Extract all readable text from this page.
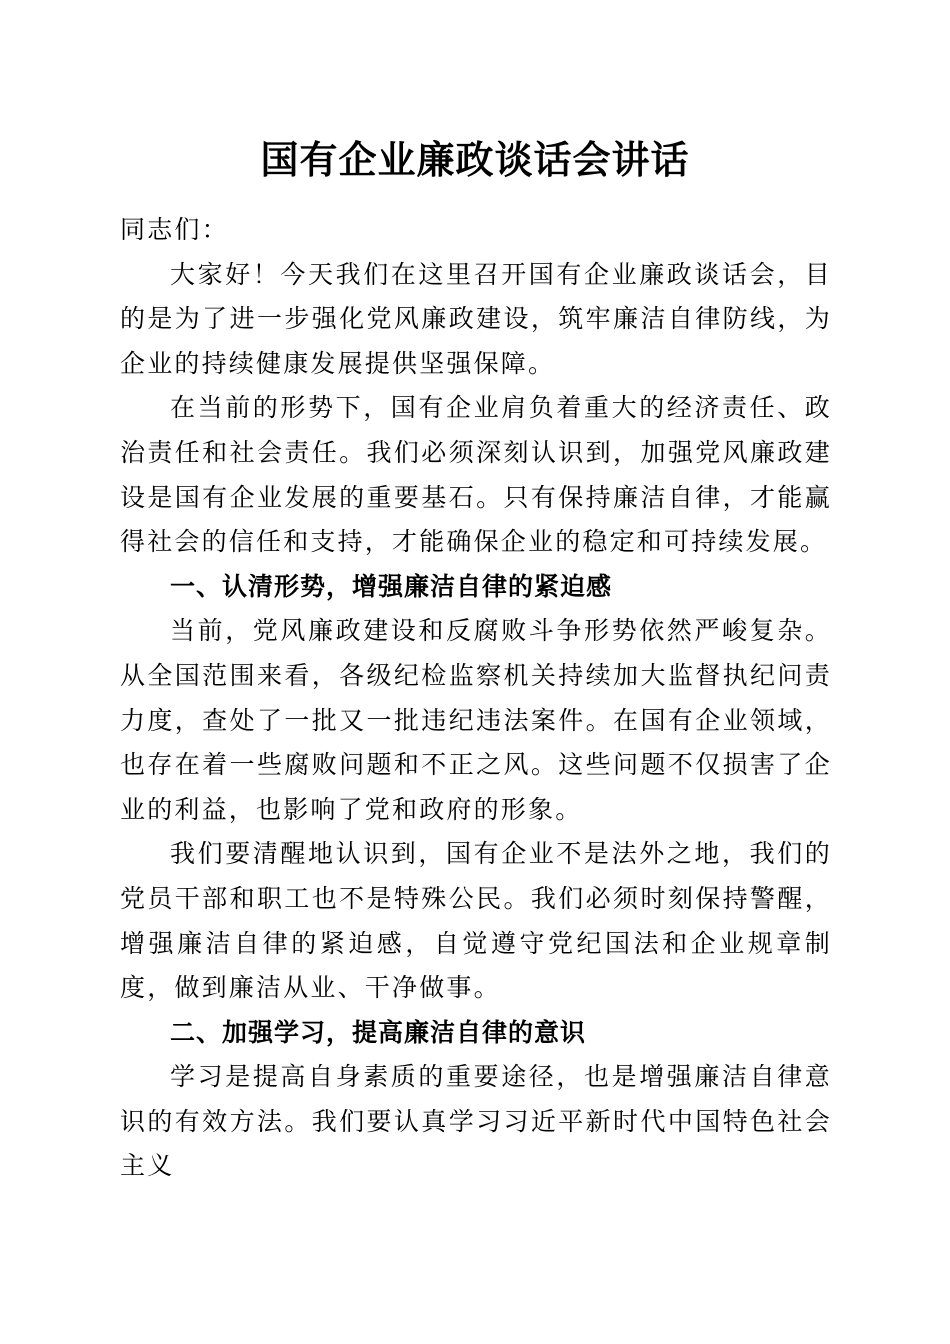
国有企业廉政谈话会讲话

同志们：

大家好！今天我们在这里召开国有企业廉政谈话会，目的是为了进一步强化党风廉政建设，筑牢廉洁自律防线，为企业的持续健康发展提供坚强保障。

在当前的形势下，国有企业肩负着重大的经济责任、政治责任和社会责任。我们必须深刻认识到，加强党风廉政建设是国有企业发展的重要基石。只有保持廉洁自律，才能赢得社会的信任和支持，才能确保企业的稳定和可持续发展。

一、认清形势，增强廉洁自律的紧迫感

当前，党风廉政建设和反腐败斗争形势依然严峻复杂。从全国范围来看，各级纪检监察机关持续加大监督执纪问责力度，查处了一批又一批违纪违法案件。在国有企业领域，也存在着一些腐败问题和不正之风。这些问题不仅损害了企业的利益，也影响了党和政府的形象。

我们要清醒地认识到，国有企业不是法外之地，我们的党员干部和职工也不是特殊公民。我们必须时刻保持警醒，增强廉洁自律的紧迫感，自觉遵守党纪国法和企业规章制度，做到廉洁从业、干净做事。

二、加强学习，提高廉洁自律的意识

学习是提高自身素质的重要途径，也是增强廉洁自律意识的有效方法。我们要认真学习习近平新时代中国特色社会主义
